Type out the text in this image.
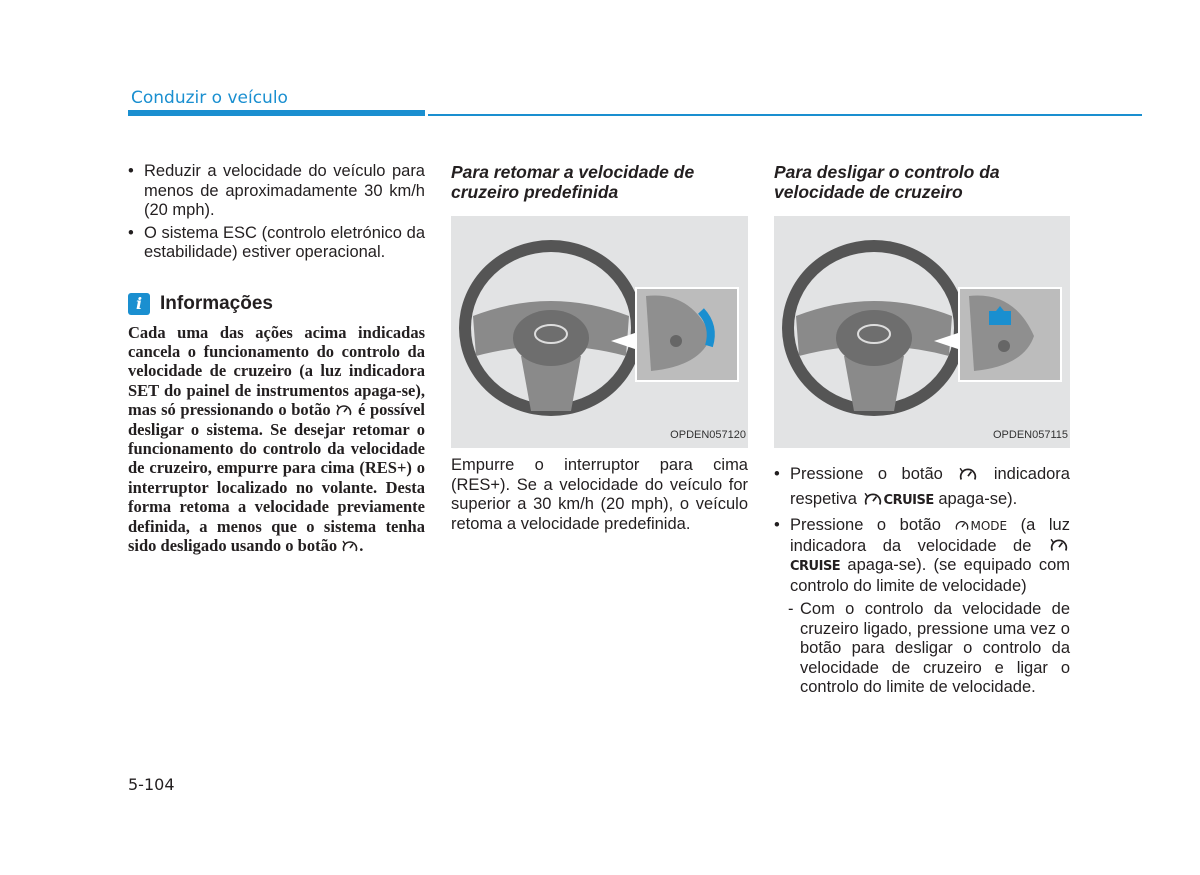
Conduzir o veículo
• Reduzir a velocidade do veículo para menos de aproximadamente 30 km/h (20 mph).
• O sistema ESC (controlo eletrónico da estabilidade) estiver operacional.
i Informações
Cada uma das ações acima indicadas cancela o funcionamento do controlo da velocidade de cruzeiro (a luz indicadora SET do painel de instrumentos apaga-se), mas só pressionando o botão é possível desligar o sistema. Se desejar retomar o funcionamento do controlo da velocidade de cruzeiro, empurre para cima (RES+) o interruptor localizado no volante. Desta forma retoma a velocidade previamente definida, a menos que o sistema tenha sido desligado usando o botão .
Para retomar a velocidade de cruzeiro predefinida
OPDEN057120
Empurre o interruptor para cima (RES+). Se a velocidade do veículo for superior a 30 km/h (20 mph), o veículo retoma a velocidade predefinida.
Para desligar o controlo da velocidade de cruzeiro
OPDEN057115
• Pressione o botão	indicadora respetiva CRUISE apaga-se).
• Pressione o botão MODE (a luz indicadora da velocidade de CRUISE apaga-se). (se equipado com controlo do limite de velocidade)
- Com o controlo da velocidade de cruzeiro ligado, pressione uma vez o botão para desligar o controlo da velocidade de cruzeiro e ligar o controlo do limite de velocidade.
5-104
